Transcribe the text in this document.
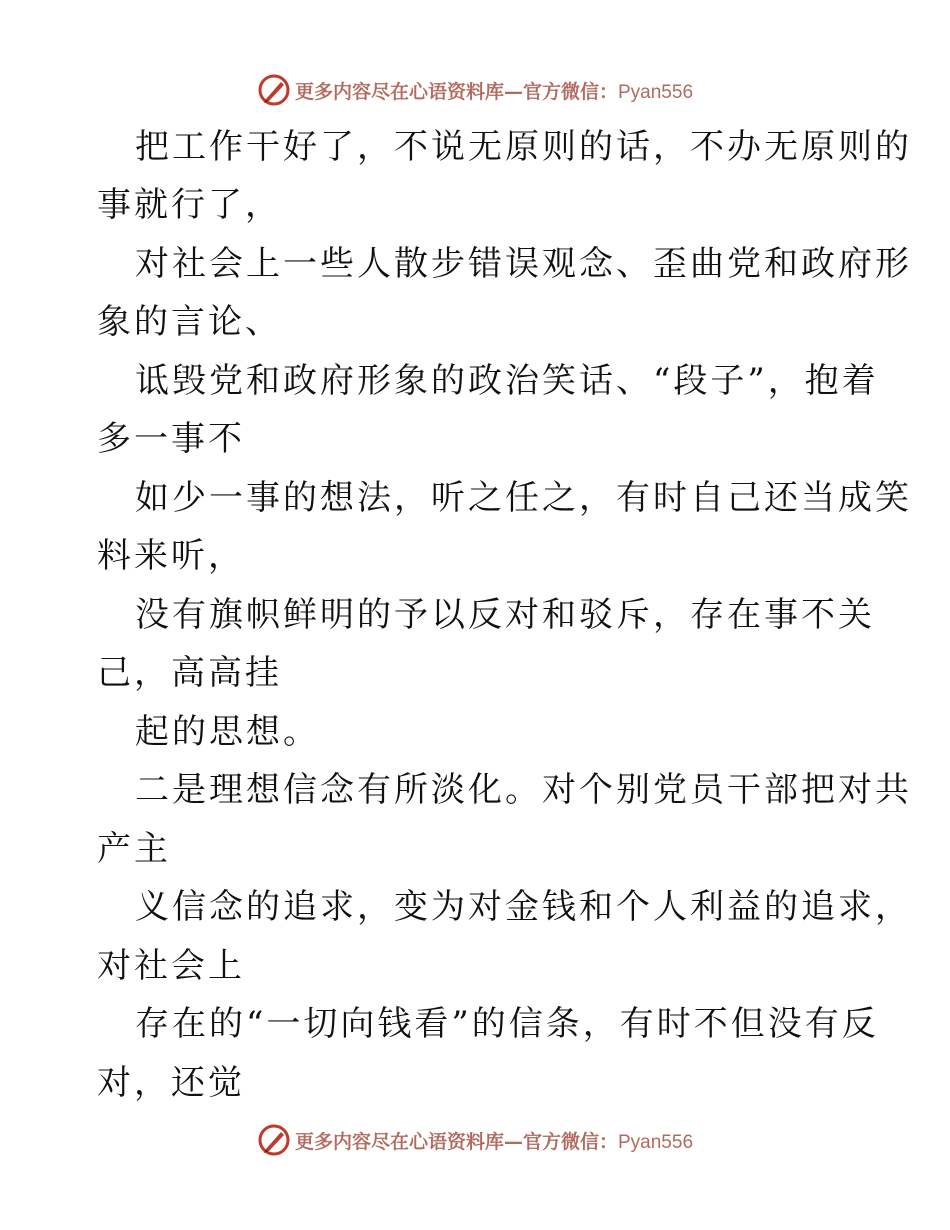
更多内容尽在心语资料库—官方微信：Pyan556
把工作干好了，不说无原则的话，不办无原则的
事就行了，
对社会上一些人散步错误观念、歪曲党和政府形
象的言论、
诋毁党和政府形象的政治笑话、“段子”，抱着
多一事不
如少一事的想法，听之任之，有时自己还当成笑
料来听，
没有旗帜鲜明的予以反对和驳斥，存在事不关
己，高高挂
起的思想。
二是理想信念有所淡化。对个别党员干部把对共
产主
义信念的追求，变为对金钱和个人利益的追求，
对社会上
存在的“一切向钱看”的信条，有时不但没有反
对，还觉
更多内容尽在心语资料库—官方微信：Pyan556
